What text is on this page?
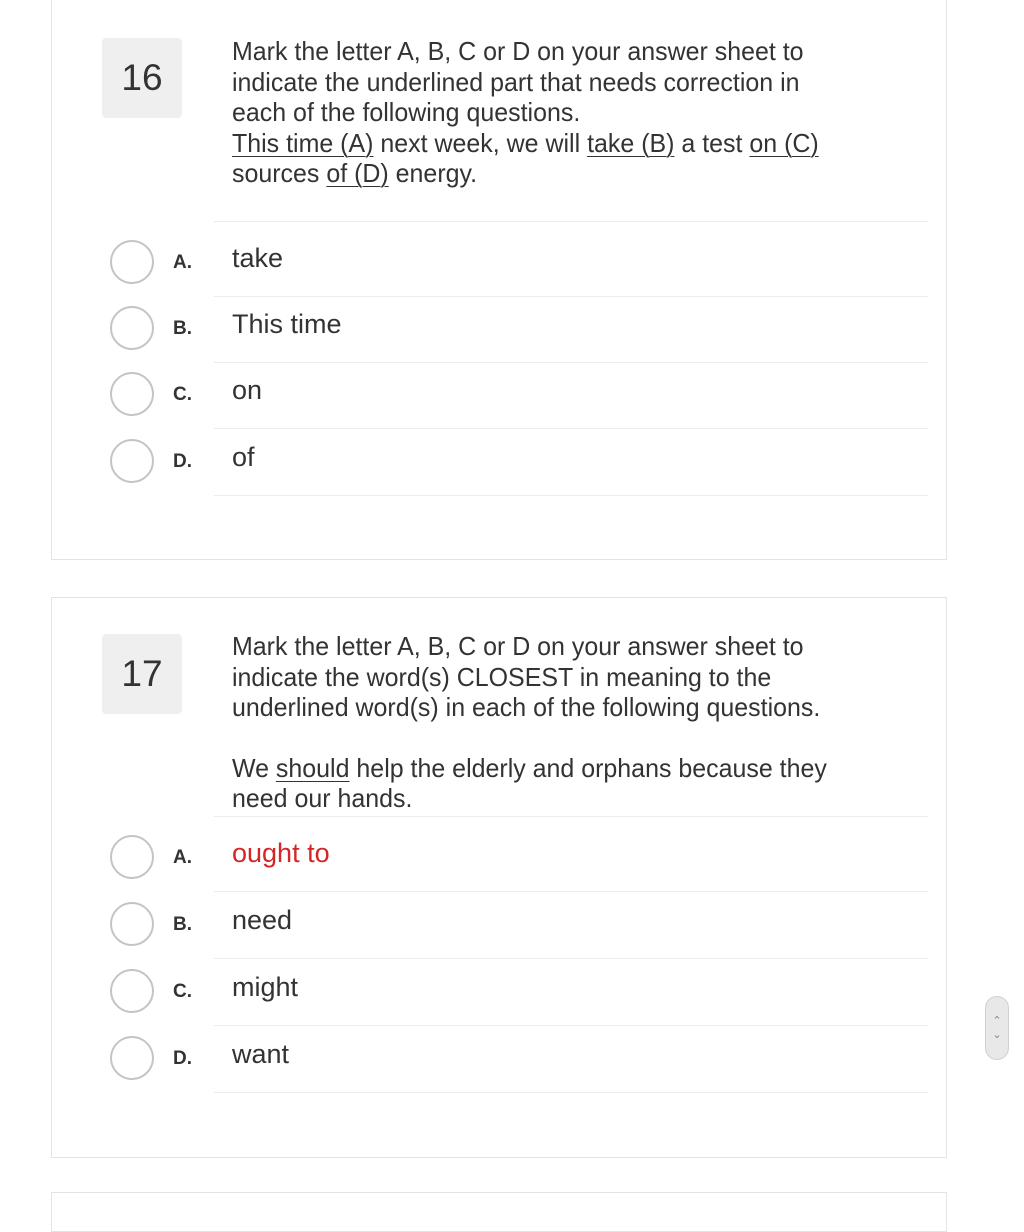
16

Mark the letter A, B, C or D on your answer sheet to

indicate the underlined part that needs correction in

each of the following questions.

This time (A) next week, we will take (B) a test on (C)

sources of (D) energy.

A. take
B. This time
C. on
D. of
17

Mark the letter A, B, C or D on your answer sheet to

indicate the word(s) CLOSEST in meaning to the

underlined word(s) in each of the following questions.

We should help the elderly and orphans because they

need our hands.

A. ought to
B. need
C. might
D. want
⌃
⌄
